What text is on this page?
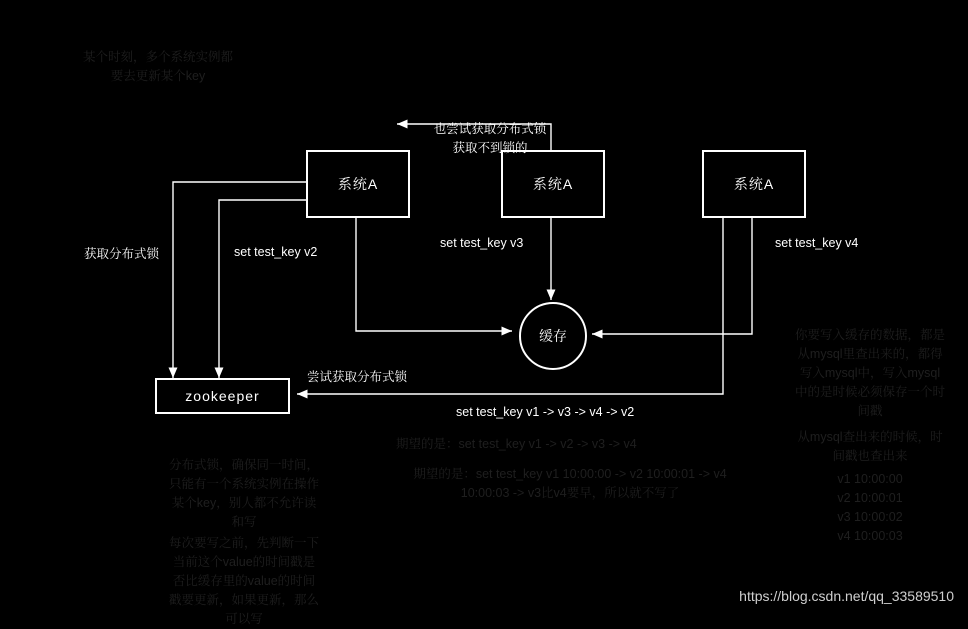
系统A	系统A	系统A
缓存
zookeeper
某个时刻，多个系统实例都
要去更新某个key
也尝试获取分布式锁
获取不到锁的
获取分布式锁	set test_key v2
set test_key v3	set test_key v4
尝试获取分布式锁
set test_key v1 -> v3 -> v4 -> v2
期望的是：set test_key v1 -> v2 -> v3 -> v4
期望的是：set test_key v1 10:00:00 -> v2 10:00:01 -> v4
10:00:03 -> v3比v4要早，所以就不写了
分布式锁，确保同一时间，
只能有一个系统实例在操作
某个key，别人都不允许读
和写
每次要写之前，先判断一下
当前这个value的时间戳是
否比缓存里的value的时间
戳要更新，如果更新，那么
可以写
你要写入缓存的数据，都是
从mysql里查出来的，都得
写入mysql中，写入mysql
中的是时候必须保存一个时
间戳
从mysql查出来的时候，时
间戳也查出来
v1 10:00:00
v2 10:00:01
v3 10:00:02
v4 10:00:03
https://blog.csdn.net/qq_33589510
